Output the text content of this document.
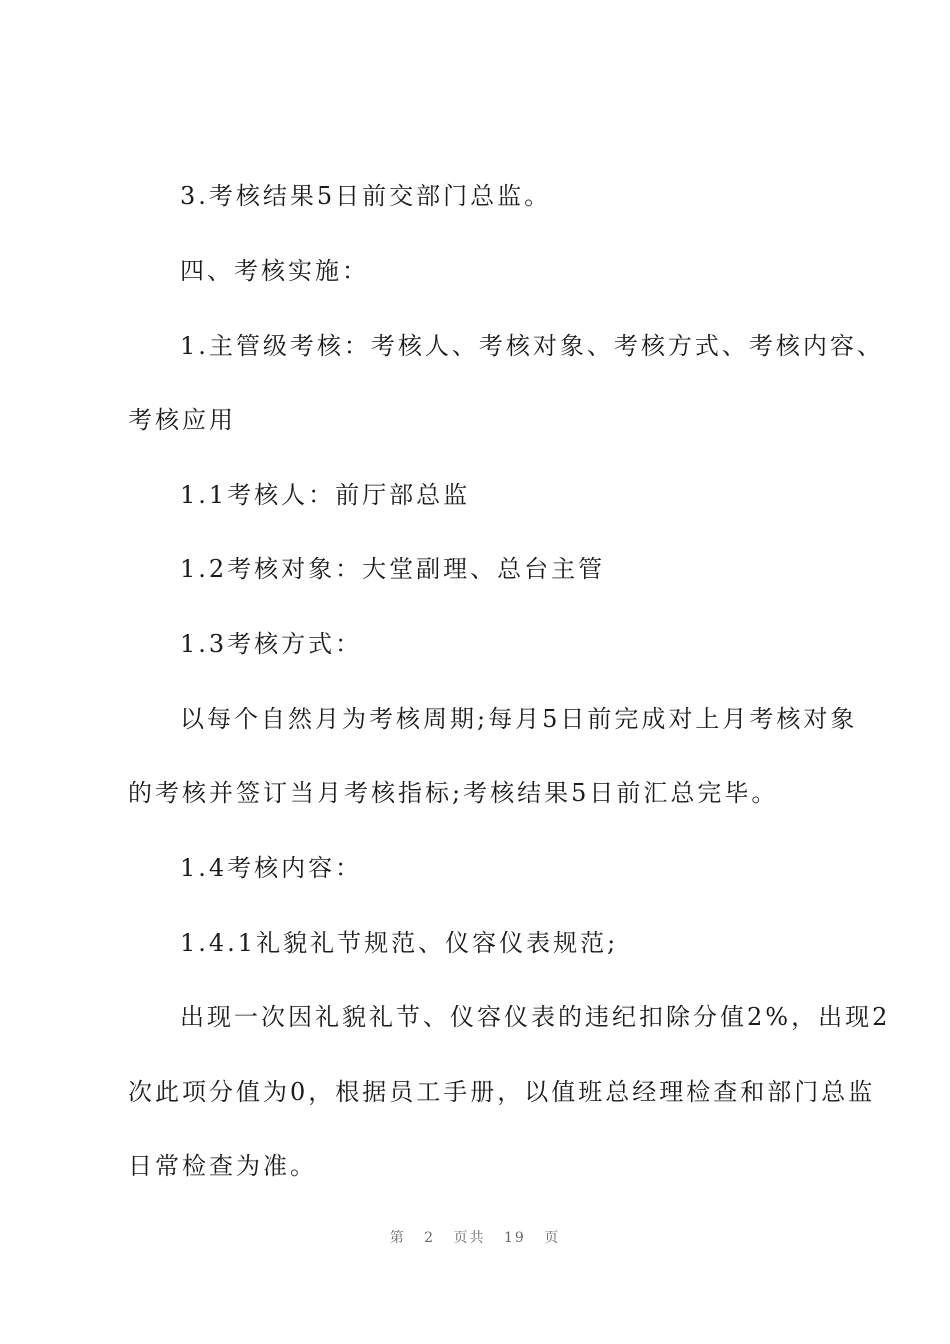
3.考核结果5日前交部门总监。
四、考核实施：
1.主管级考核：考核人、考核对象、考核方式、考核内容、
考核应用
1.1考核人：前厅部总监
1.2考核对象：大堂副理、总台主管
1.3考核方式：
以每个自然月为考核周期;每月5日前完成对上月考核对象
的考核并签订当月考核指标;考核结果5日前汇总完毕。
1.4考核内容：
1.4.1礼貌礼节规范、仪容仪表规范;
出现一次因礼貌礼节、仪容仪表的违纪扣除分值2%，出现2
次此项分值为0，根据员工手册，以值班总经理检查和部门总监
日常检查为准。
第 2 页共 19 页
